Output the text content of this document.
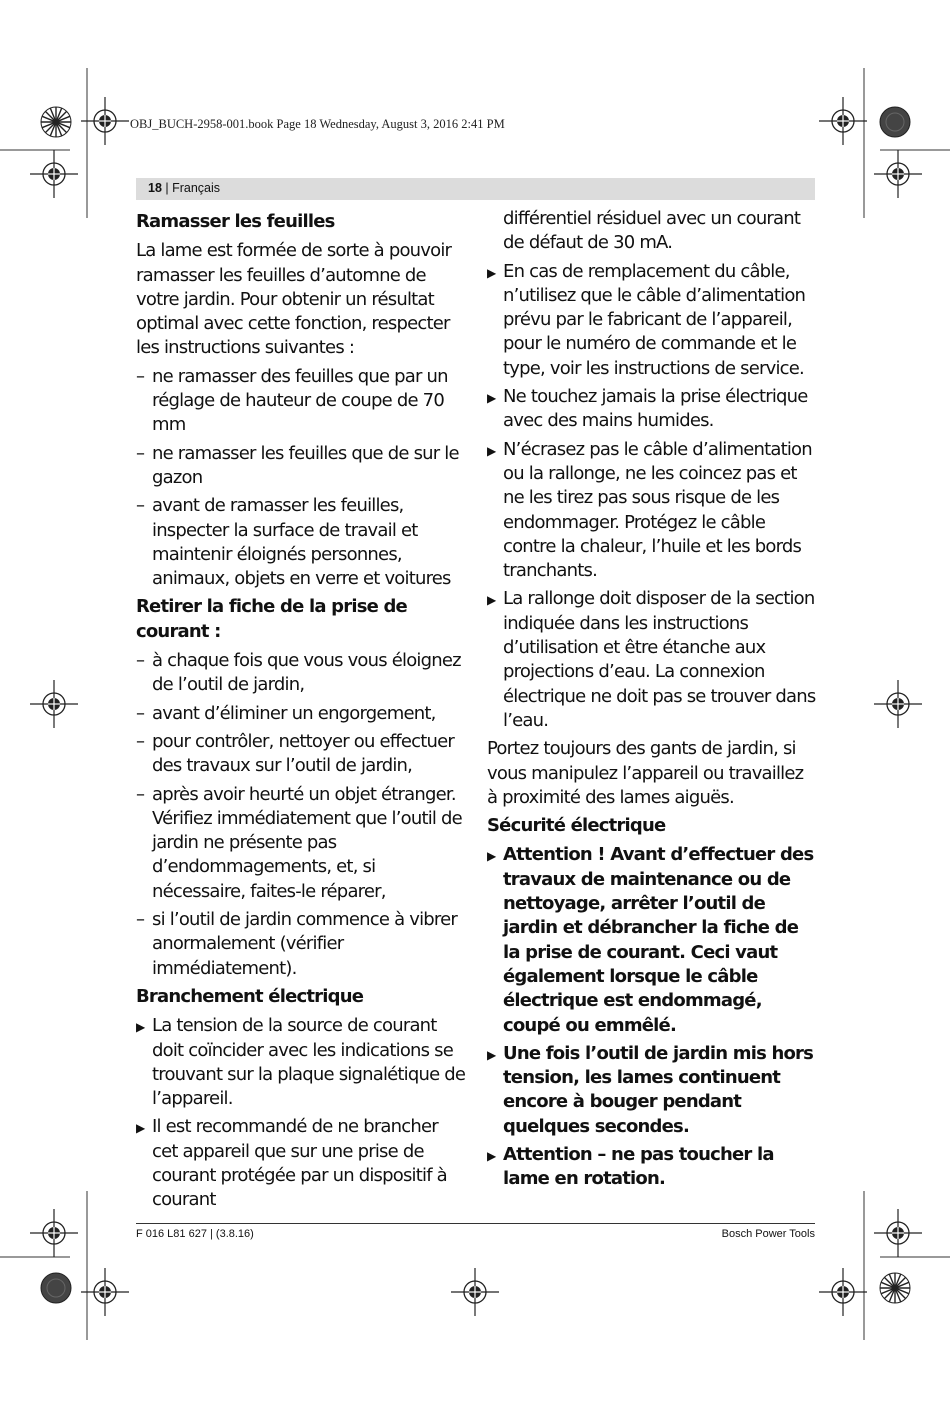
OBJ_BUCH-2958-001.book Page 18 Wednesday, August 3, 2016 2:41 PM
18 | Français
Ramasser les feuilles

La lame est formée de sorte à pouvoir ramasser les feuilles d’automne de votre jardin. Pour obtenir un résultat optimal avec cette fonction, respecter les instructions suivantes :

– ne ramasser des feuilles que par un réglage de hauteur de coupe de 70 mm
– ne ramasser les feuilles que de sur le gazon
– avant de ramasser les feuilles, inspecter la surface de travail et maintenir éloignés personnes, animaux, objets en verre et voitures
Retirer la fiche de la prise de courant :
– à chaque fois que vous vous éloignez de l’outil de jardin,
– avant d’éliminer un engorgement,
– pour contrôler, nettoyer ou effectuer des travaux sur l’outil de jardin,
– après avoir heurté un objet étranger. Vérifiez immédiatement que l’outil de jardin ne présente pas d’endommagements, et, si nécessaire, faites-le réparer,
– si l’outil de jardin commence à vibrer anormalement (vérifier immédiatement).
Branchement électrique
▶ La tension de la source de courant doit coïncider avec les indications se trouvant sur la plaque signalétique de l’appareil.
▶ Il est recommandé de ne brancher cet appareil que sur une prise de courant protégée par un dispositif à courant
différentiel résiduel avec un courant de défaut de 30 mA.
▶ En cas de remplacement du câble, n’utilisez que le câble d’alimentation prévu par le fabricant de l’appareil, pour le numéro de commande et le type, voir les instructions de service.
▶ Ne touchez jamais la prise électrique avec des mains humides.
▶ N’écrasez pas le câble d’alimentation ou la rallonge, ne les coincez pas et ne les tirez pas sous risque de les endommager. Protégez le câble contre la chaleur, l’huile et les bords tranchants.
▶ La rallonge doit disposer de la section indiquée dans les instructions d’utilisation et être étanche aux projections d’eau. La connexion électrique ne doit pas se trouver dans l’eau.

Portez toujours des gants de jardin, si vous manipulez l’appareil ou travaillez à proximité des lames aiguës.

Sécurité électrique
▶ Attention ! Avant d’effectuer des travaux de maintenance ou de nettoyage, arrêter l’outil de jardin et débrancher la fiche de la prise de courant. Ceci vaut également lorsque le câble électrique est endommagé, coupé ou emmêlé.
▶ Une fois l’outil de jardin mis hors tension, les lames continuent encore à bouger pendant quelques secondes.
▶ Attention – ne pas toucher la lame en rotation.
F 016 L81 627 | (3.8.16)	Bosch Power Tools
